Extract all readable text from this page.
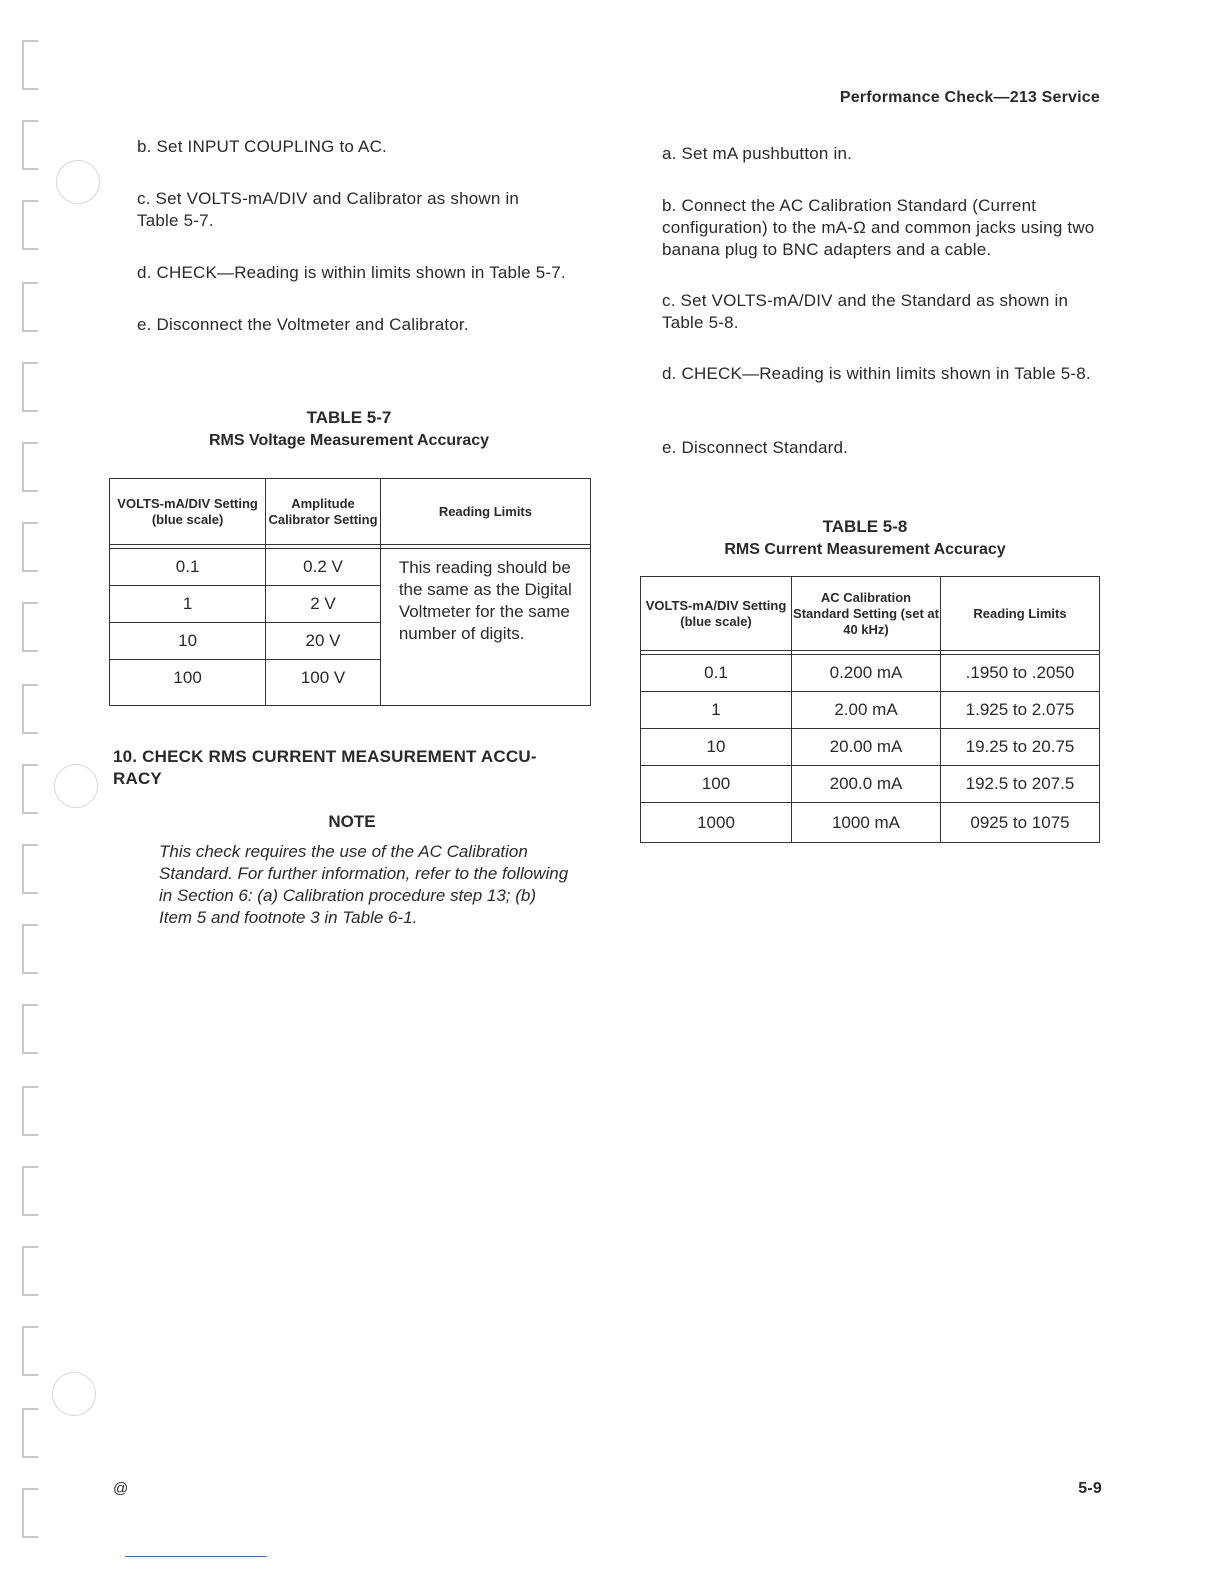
Performance Check—213 Service
b. Set INPUT COUPLING to AC.
c. Set VOLTS-mA/DIV and Calibrator as shown in Table 5-7.
d. CHECK—Reading is within limits shown in Table 5-7.
e. Disconnect the Voltmeter and Calibrator.
TABLE 5-7
RMS Voltage Measurement Accuracy
VOLTS-mA/DIV Setting (blue scale)	Amplitude Calibrator Setting	Reading Limits

0.1	0.2 V	This reading should be the same as the Digital Voltmeter for the same number of digits.
1	2 V	
10	20 V	
100	100 V	
10. CHECK RMS CURRENT MEASUREMENT ACCU-RACY
NOTE
This check requires the use of the AC Calibration Standard. For further information, refer to the following in Section 6: (a) Calibration procedure step 13; (b) Item 5 and footnote 3 in Table 6-1.
a. Set mA pushbutton in.
b. Connect the AC Calibration Standard (Current configuration) to the mA-Ω and common jacks using two banana plug to BNC adapters and a cable.
c. Set VOLTS-mA/DIV and the Standard as shown in Table 5-8.
d. CHECK—Reading is within limits shown in Table 5-8.
e. Disconnect Standard.
TABLE 5-8
RMS Current Measurement Accuracy
VOLTS-mA/DIV Setting (blue scale)	AC Calibration Standard Setting (set at 40 kHz)	Reading Limits

0.1	0.200 mA	.1950 to .2050
1	2.00 mA	1.925 to 2.075
10	20.00 mA	19.25 to 20.75
100	200.0 mA	192.5 to 207.5
1000	1000 mA	0925 to 1075
@	5-9
